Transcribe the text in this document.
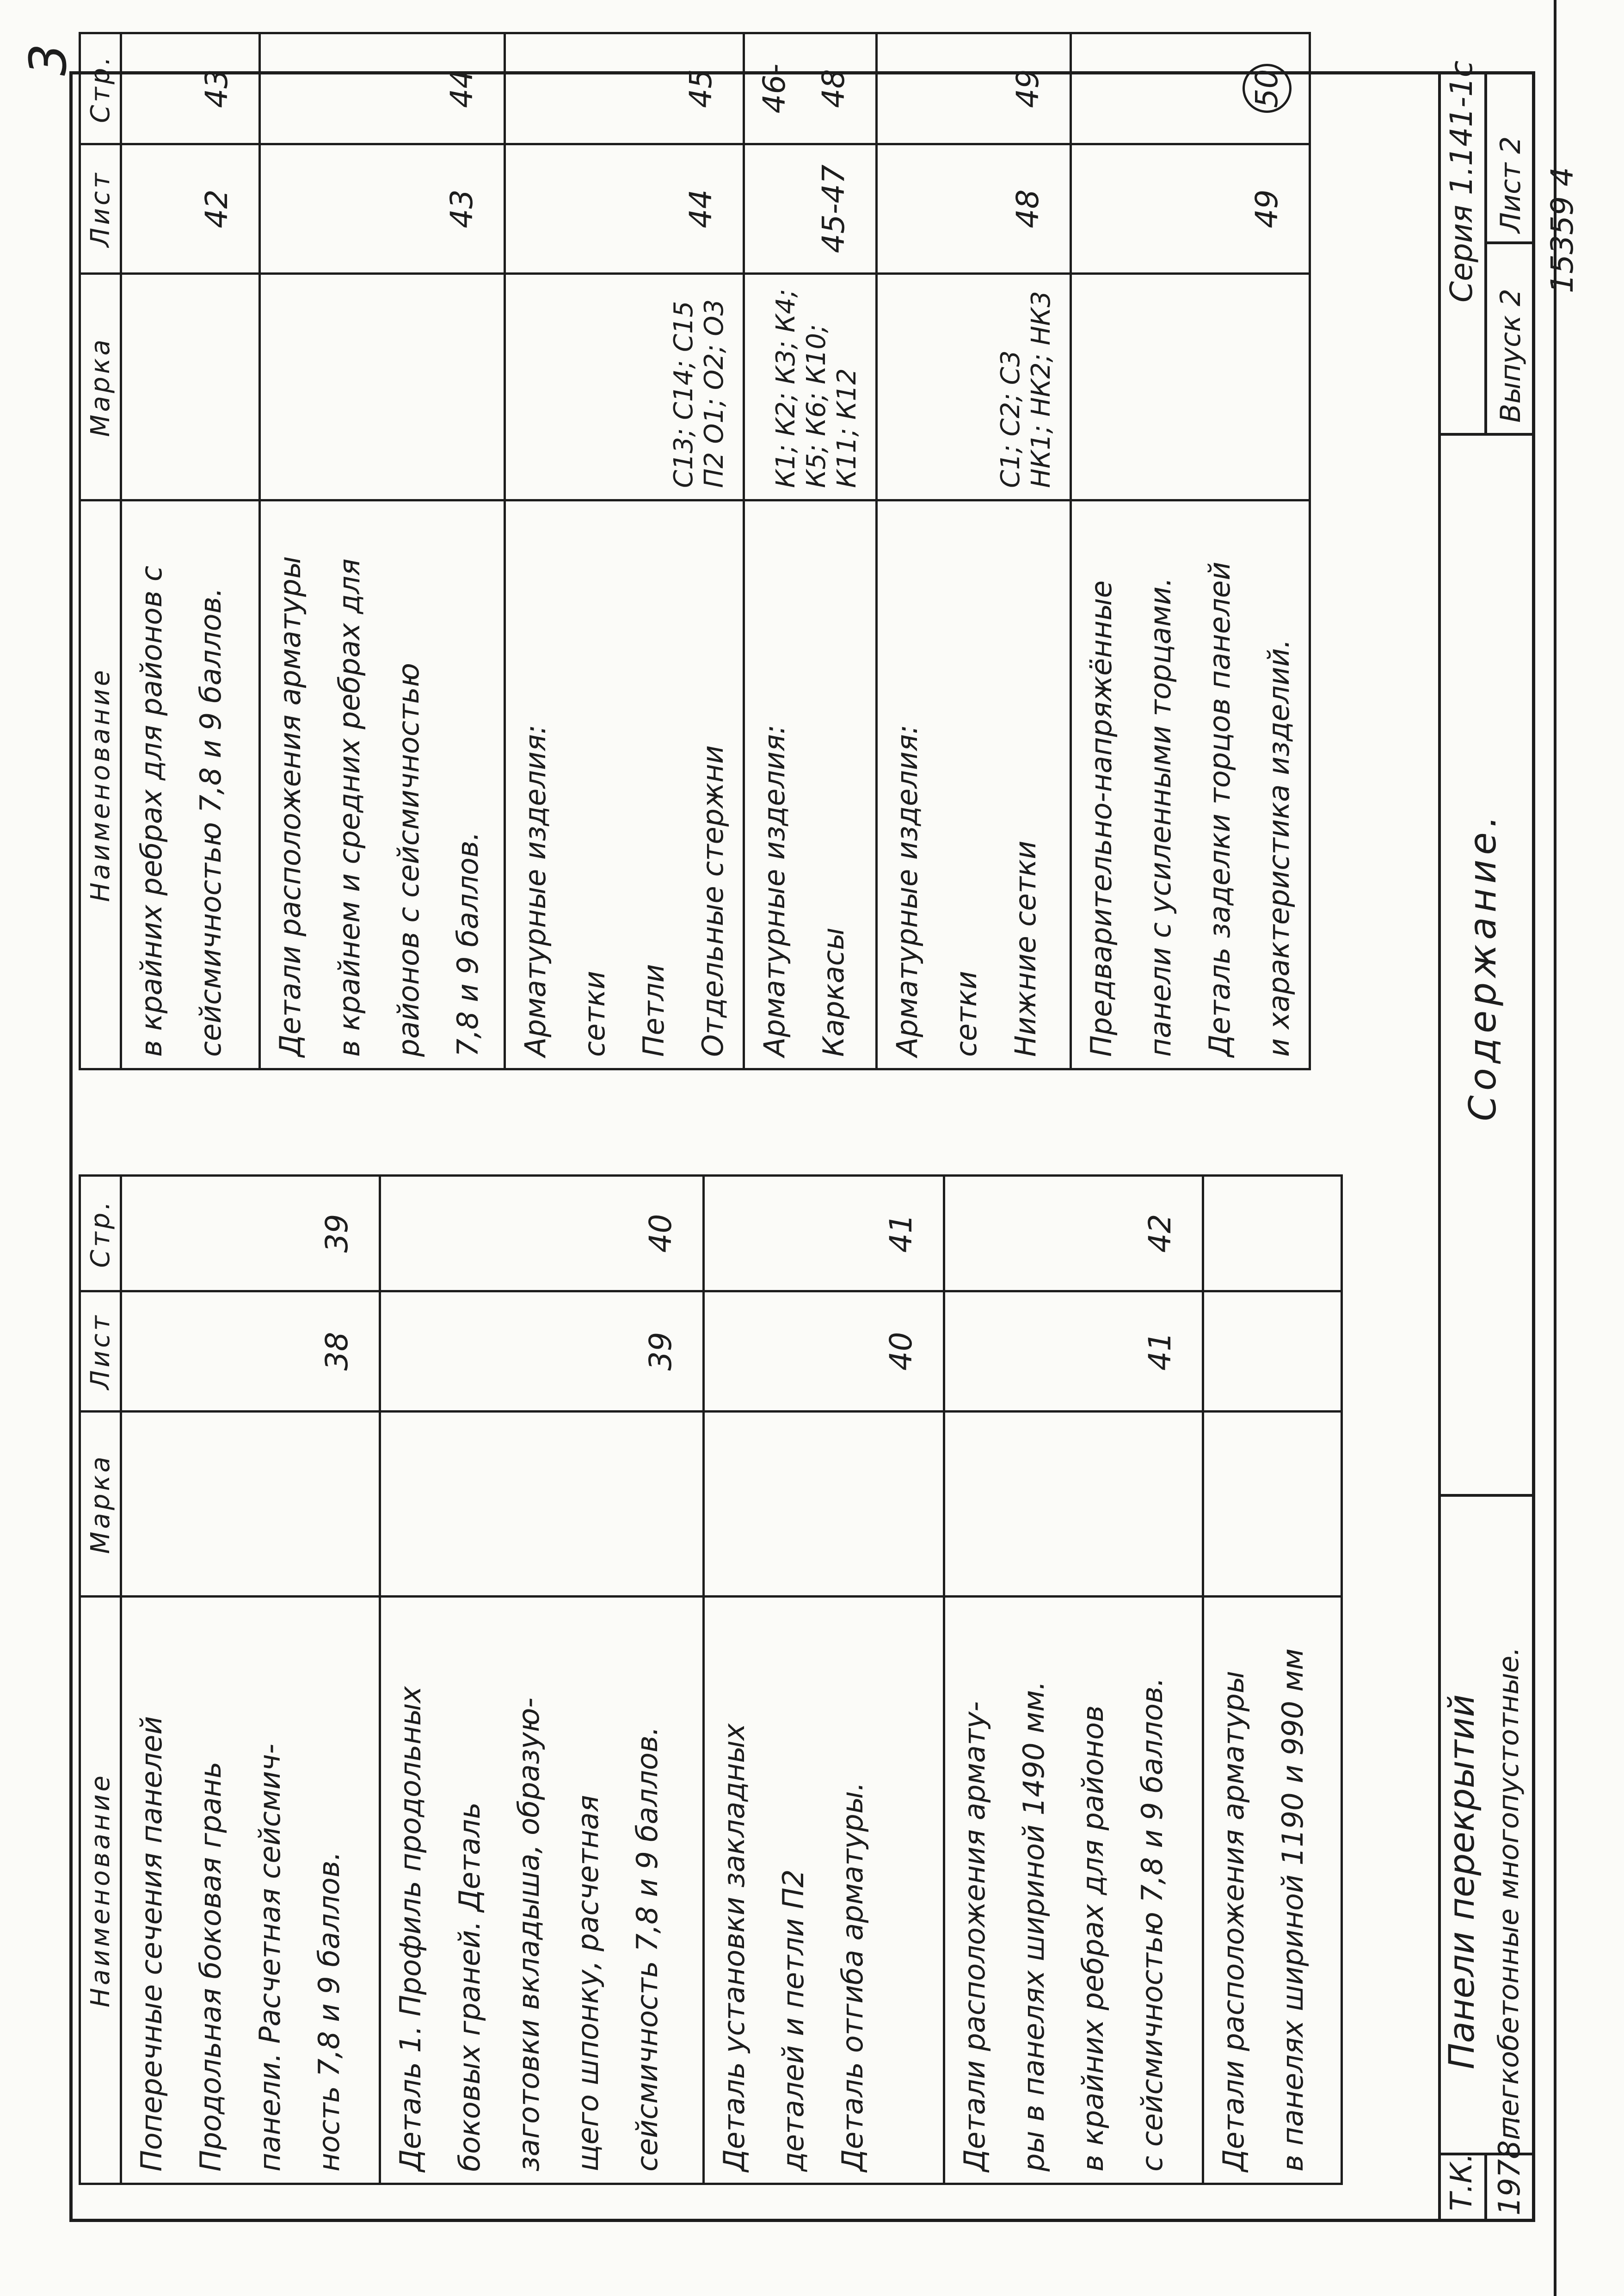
3
Наименование	Марка	Лист	Стр.

Поперечные сечения панелей Продольная боковая грань панели. Расчетная сейсмич- ность 7,8 и 9 баллов.		38	39

Деталь 1. Профиль продольных боковых граней. Деталь заготовки вкладыша, образую- щего шпонку, расчетная сейсмичность 7,8 и 9 баллов.		39	40

Деталь установки закладных деталей и петли П2 Деталь отгиба арматуры.		40	41

Детали расположения армату- ры в панелях шириной 1490 мм. в крайних ребрах для районов с сейсмичностью 7,8 и 9 баллов.		41	42

Детали расположения арматуры в панелях шириной 1190 и 990 мм			

Наименование	Марка	Лист	Стр.

в крайних ребрах для районов с сейсмичностью 7,8 и 9 баллов.		42	43

Детали расположения арматуры в крайнем и средних ребрах для районов с сейсмичностью 7,8 и 9 баллов.		43	44

Арматурные изделия: сетки Петли Отдельные стержни	С13; С14; С15 П2 О1; О2; О3	44	45

Арматурные изделия: Каркасы	К1; К2; К3; К4; К5; К6; К10; К11; К12	45-47	46-48

Арматурные изделия: сетки Нижние сетки	С1; С2; С3 НК1; НК2; НК3	48	49

Предварительно-напряжённые панели с усиленными торцами. Деталь заделки торцов панелей и характеристика изделий.		49	50
Т.К. 1978г.
Панели перекрытий легкобетонные многопустотные.
Содержание.
Серия 1.141-1с
Выпуск 2
Лист 2 15359 4
